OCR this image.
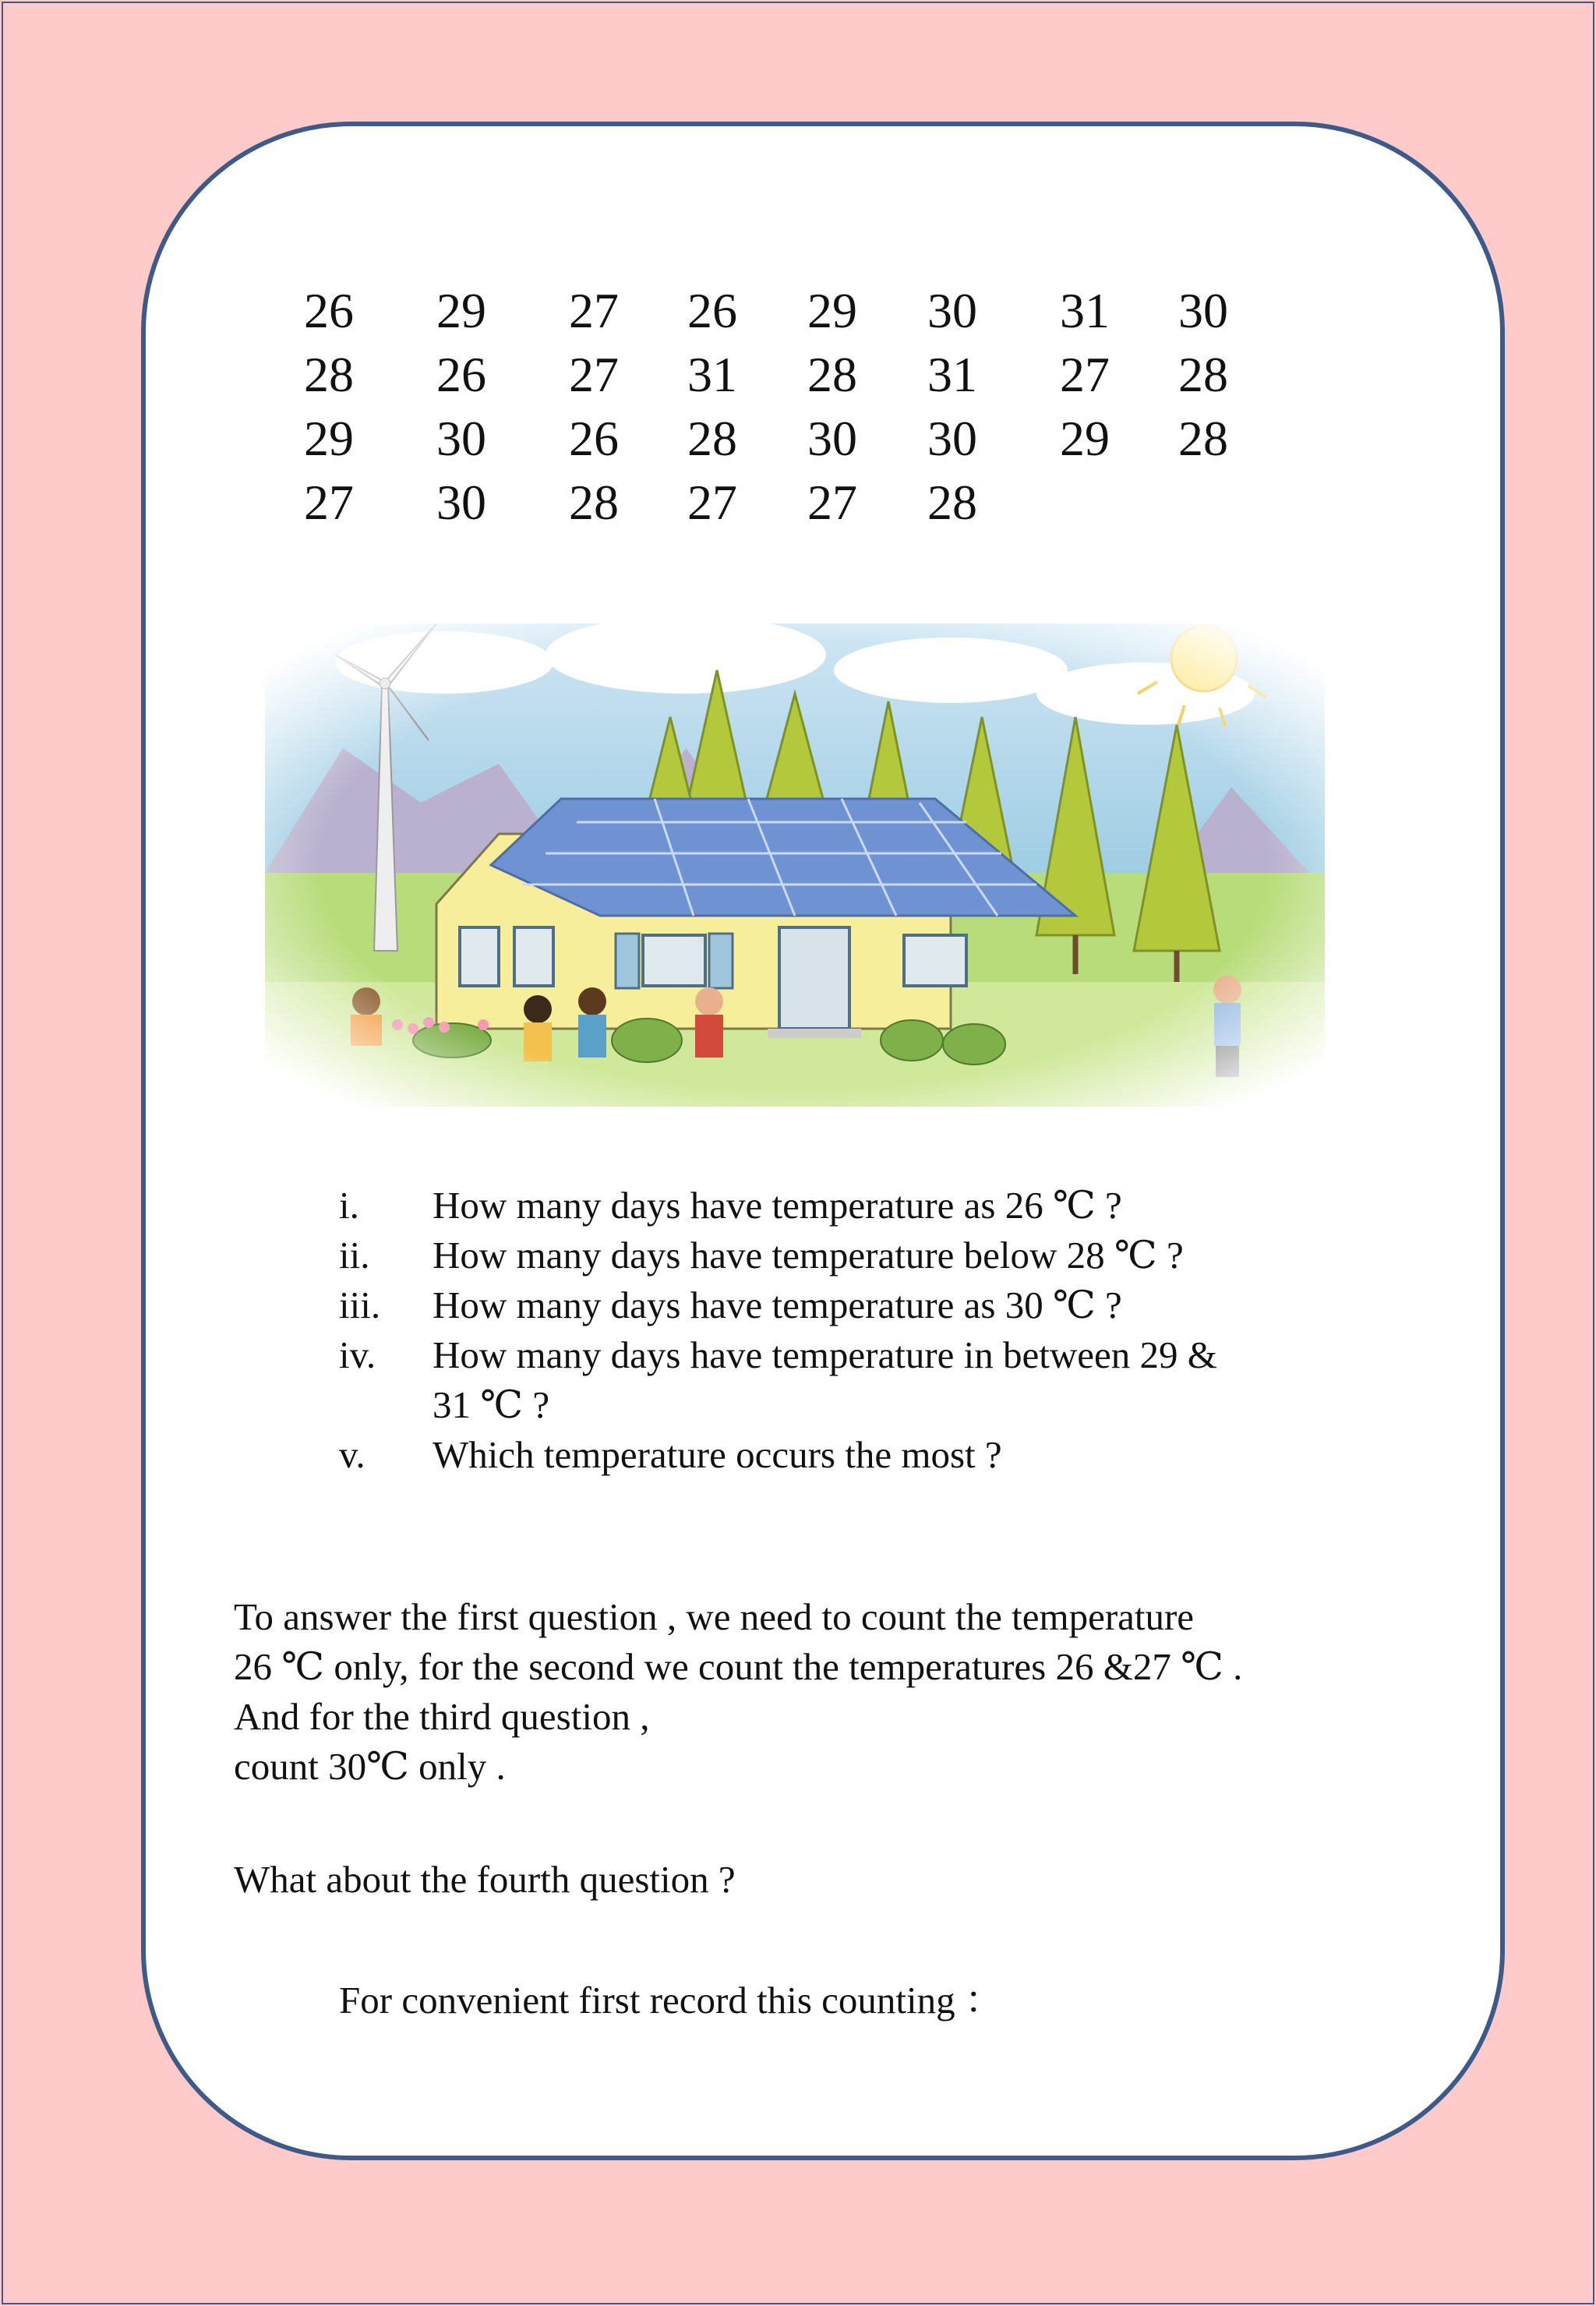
26 29 27 26 29 30 31 30
28 26 27 31 28 31 27 28
29 30 26 28 30 30 29 28
27 30 28 27 27 28
i. How many days have temperature as 26 ℃ ?
ii. How many days have temperature below 28 ℃ ?
iii. How many days have temperature as 30 ℃ ?
iv. How many days have temperature in between 29 &
31 ℃ ?
v. Which temperature occurs the most ?
To answer the first question , we need to count the temperature
26 ℃ only, for the second we count the temperatures 26 &27 ℃ .
And for the third question ,
count 30℃ only .
What about the fourth question ?
For convenient first record this counting ：
